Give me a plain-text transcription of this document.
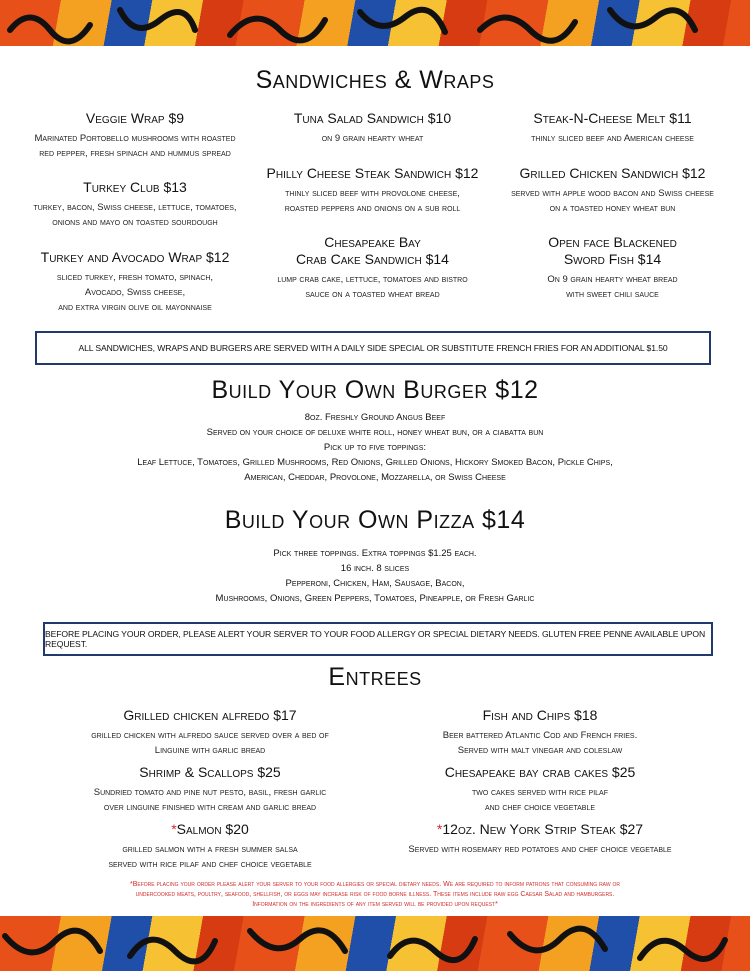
Sandwiches & Wraps
Veggie Wrap $9
Marinated Portobello mushrooms with roasted
red pepper, fresh spinach and hummus spread
Turkey Club $13
turkey, bacon, Swiss cheese, lettuce, tomatoes,
onions and mayo on toasted sourdough
Turkey and Avocado Wrap $12
sliced turkey, fresh tomato, spinach,
Avocado, Swiss cheese,
and extra virgin olive oil mayonnaise
Tuna Salad Sandwich $10
on 9 grain hearty wheat
Philly Cheese Steak Sandwich $12
thinly sliced beef with provolone cheese,
roasted peppers and onions on a sub roll
Chesapeake Bay
Crab Cake Sandwich $14
lump crab cake, lettuce, tomatoes and bistro
sauce on a toasted wheat bread
Steak-N-Cheese Melt $11
thinly sliced beef and American cheese
Grilled Chicken Sandwich $12
served with apple wood bacon and Swiss cheese
on a toasted honey wheat bun
Open face Blackened
Sword Fish $14
On 9 grain hearty wheat bread
with sweet chili sauce
ALL SANDWICHES, WRAPS AND BURGERS ARE SERVED WITH A DAILY SIDE SPECIAL OR SUBSTITUTE FRENCH FRIES FOR AN ADDITIONAL $1.50
Build Your Own Burger $12
8oz. Freshly Ground Angus Beef
Served on your choice of deluxe white roll, honey wheat bun, or a ciabatta bun
Pick up to five toppings:
Leaf Lettuce, Tomatoes, Grilled Mushrooms, Red Onions, Grilled Onions, Hickory Smoked Bacon, Pickle Chips,
American, Cheddar, Provolone, Mozzarella, or Swiss Cheese
Build Your Own Pizza $14
Pick three toppings. Extra toppings $1.25 each.
16 inch. 8 slices
Pepperoni, Chicken, Ham, Sausage, Bacon,
Mushrooms, Onions, Green Peppers, Tomatoes, Pineapple, or Fresh Garlic
BEFORE PLACING YOUR ORDER, PLEASE ALERT YOUR SERVER TO YOUR FOOD ALLERGY OR SPECIAL DIETARY NEEDS. GLUTEN FREE PENNE AVAILABLE UPON REQUEST.
Entrees
Grilled chicken alfredo $17
grilled chicken with alfredo sauce served over a bed of
Linguine with garlic bread
Shrimp & Scallops $25
Sundried tomato and pine nut pesto, basil, fresh garlic
over linguine finished with cream and garlic bread
*Salmon $20
grilled salmon with a fresh summer salsa
served with rice pilaf and chef choice vegetable
Fish and Chips $18
Beer battered Atlantic Cod and French fries.
Served with malt vinegar and coleslaw
Chesapeake bay crab cakes $25
two cakes served with rice pilaf
and chef choice vegetable
*12oz. New York Strip Steak $27
Served with rosemary red potatoes and chef choice vegetable
*Before placing your order please alert your server to your food allergies or special dietary needs. We are required to inform patrons that consuming raw or
undercooked meats, poultry, seafood, shellfish, or eggs may increase risk of food borne illness. These items include raw egg Caesar Salad and hamburgers.
Information on the ingredients of any item served will be provided upon request*
